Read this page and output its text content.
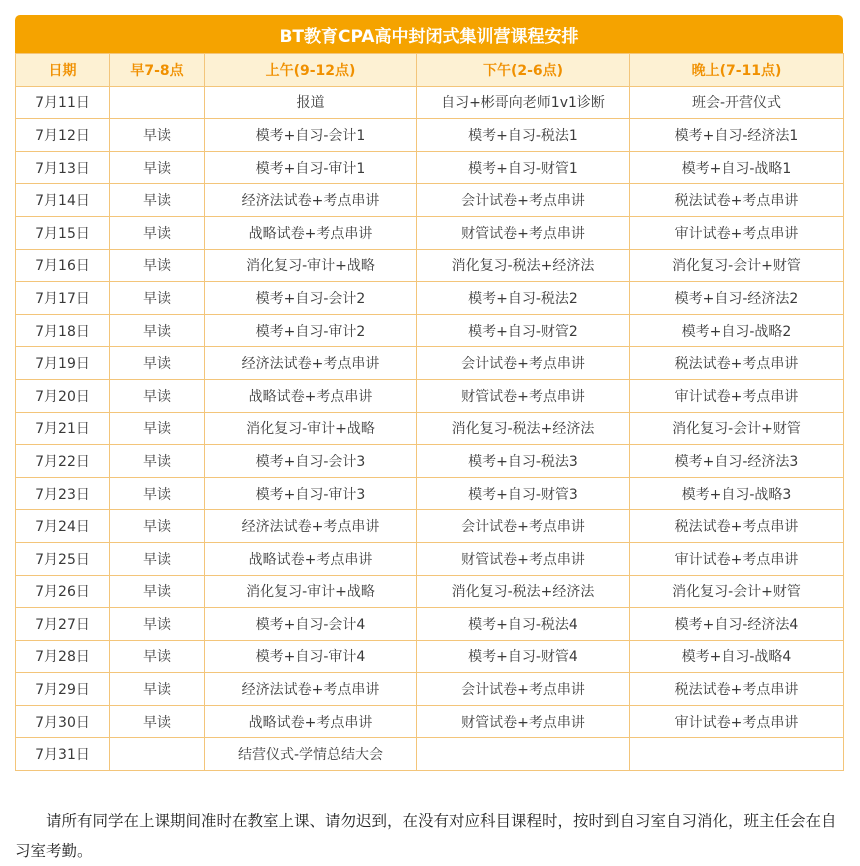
BT教育CPA高中封闭式集训营课程安排
日期	早7-8点	上午(9-12点)	下午(2-6点)	晚上(7-11点)
7月11日		报道	自习+彬哥向老师1v1诊断	班会-开营仪式
7月12日	早读	模考+自习-会计1	模考+自习-税法1	模考+自习-经济法1
7月13日	早读	模考+自习-审计1	模考+自习-财管1	模考+自习-战略1
7月14日	早读	经济法试卷+考点串讲	会计试卷+考点串讲	税法试卷+考点串讲
7月15日	早读	战略试卷+考点串讲	财管试卷+考点串讲	审计试卷+考点串讲
7月16日	早读	消化复习-审计+战略	消化复习-税法+经济法	消化复习-会计+财管
7月17日	早读	模考+自习-会计2	模考+自习-税法2	模考+自习-经济法2
7月18日	早读	模考+自习-审计2	模考+自习-财管2	模考+自习-战略2
7月19日	早读	经济法试卷+考点串讲	会计试卷+考点串讲	税法试卷+考点串讲
7月20日	早读	战略试卷+考点串讲	财管试卷+考点串讲	审计试卷+考点串讲
7月21日	早读	消化复习-审计+战略	消化复习-税法+经济法	消化复习-会计+财管
7月22日	早读	模考+自习-会计3	模考+自习-税法3	模考+自习-经济法3
7月23日	早读	模考+自习-审计3	模考+自习-财管3	模考+自习-战略3
7月24日	早读	经济法试卷+考点串讲	会计试卷+考点串讲	税法试卷+考点串讲
7月25日	早读	战略试卷+考点串讲	财管试卷+考点串讲	审计试卷+考点串讲
7月26日	早读	消化复习-审计+战略	消化复习-税法+经济法	消化复习-会计+财管
7月27日	早读	模考+自习-会计4	模考+自习-税法4	模考+自习-经济法4
7月28日	早读	模考+自习-审计4	模考+自习-财管4	模考+自习-战略4
7月29日	早读	经济法试卷+考点串讲	会计试卷+考点串讲	税法试卷+考点串讲
7月30日	早读	战略试卷+考点串讲	财管试卷+考点串讲	审计试卷+考点串讲
7月31日		结营仪式-学情总结大会		

请所有同学在上课期间准时在教室上课、请勿迟到，在没有对应科目课程时，按时到自习室自习消化，班主任会在自习室考勤。
